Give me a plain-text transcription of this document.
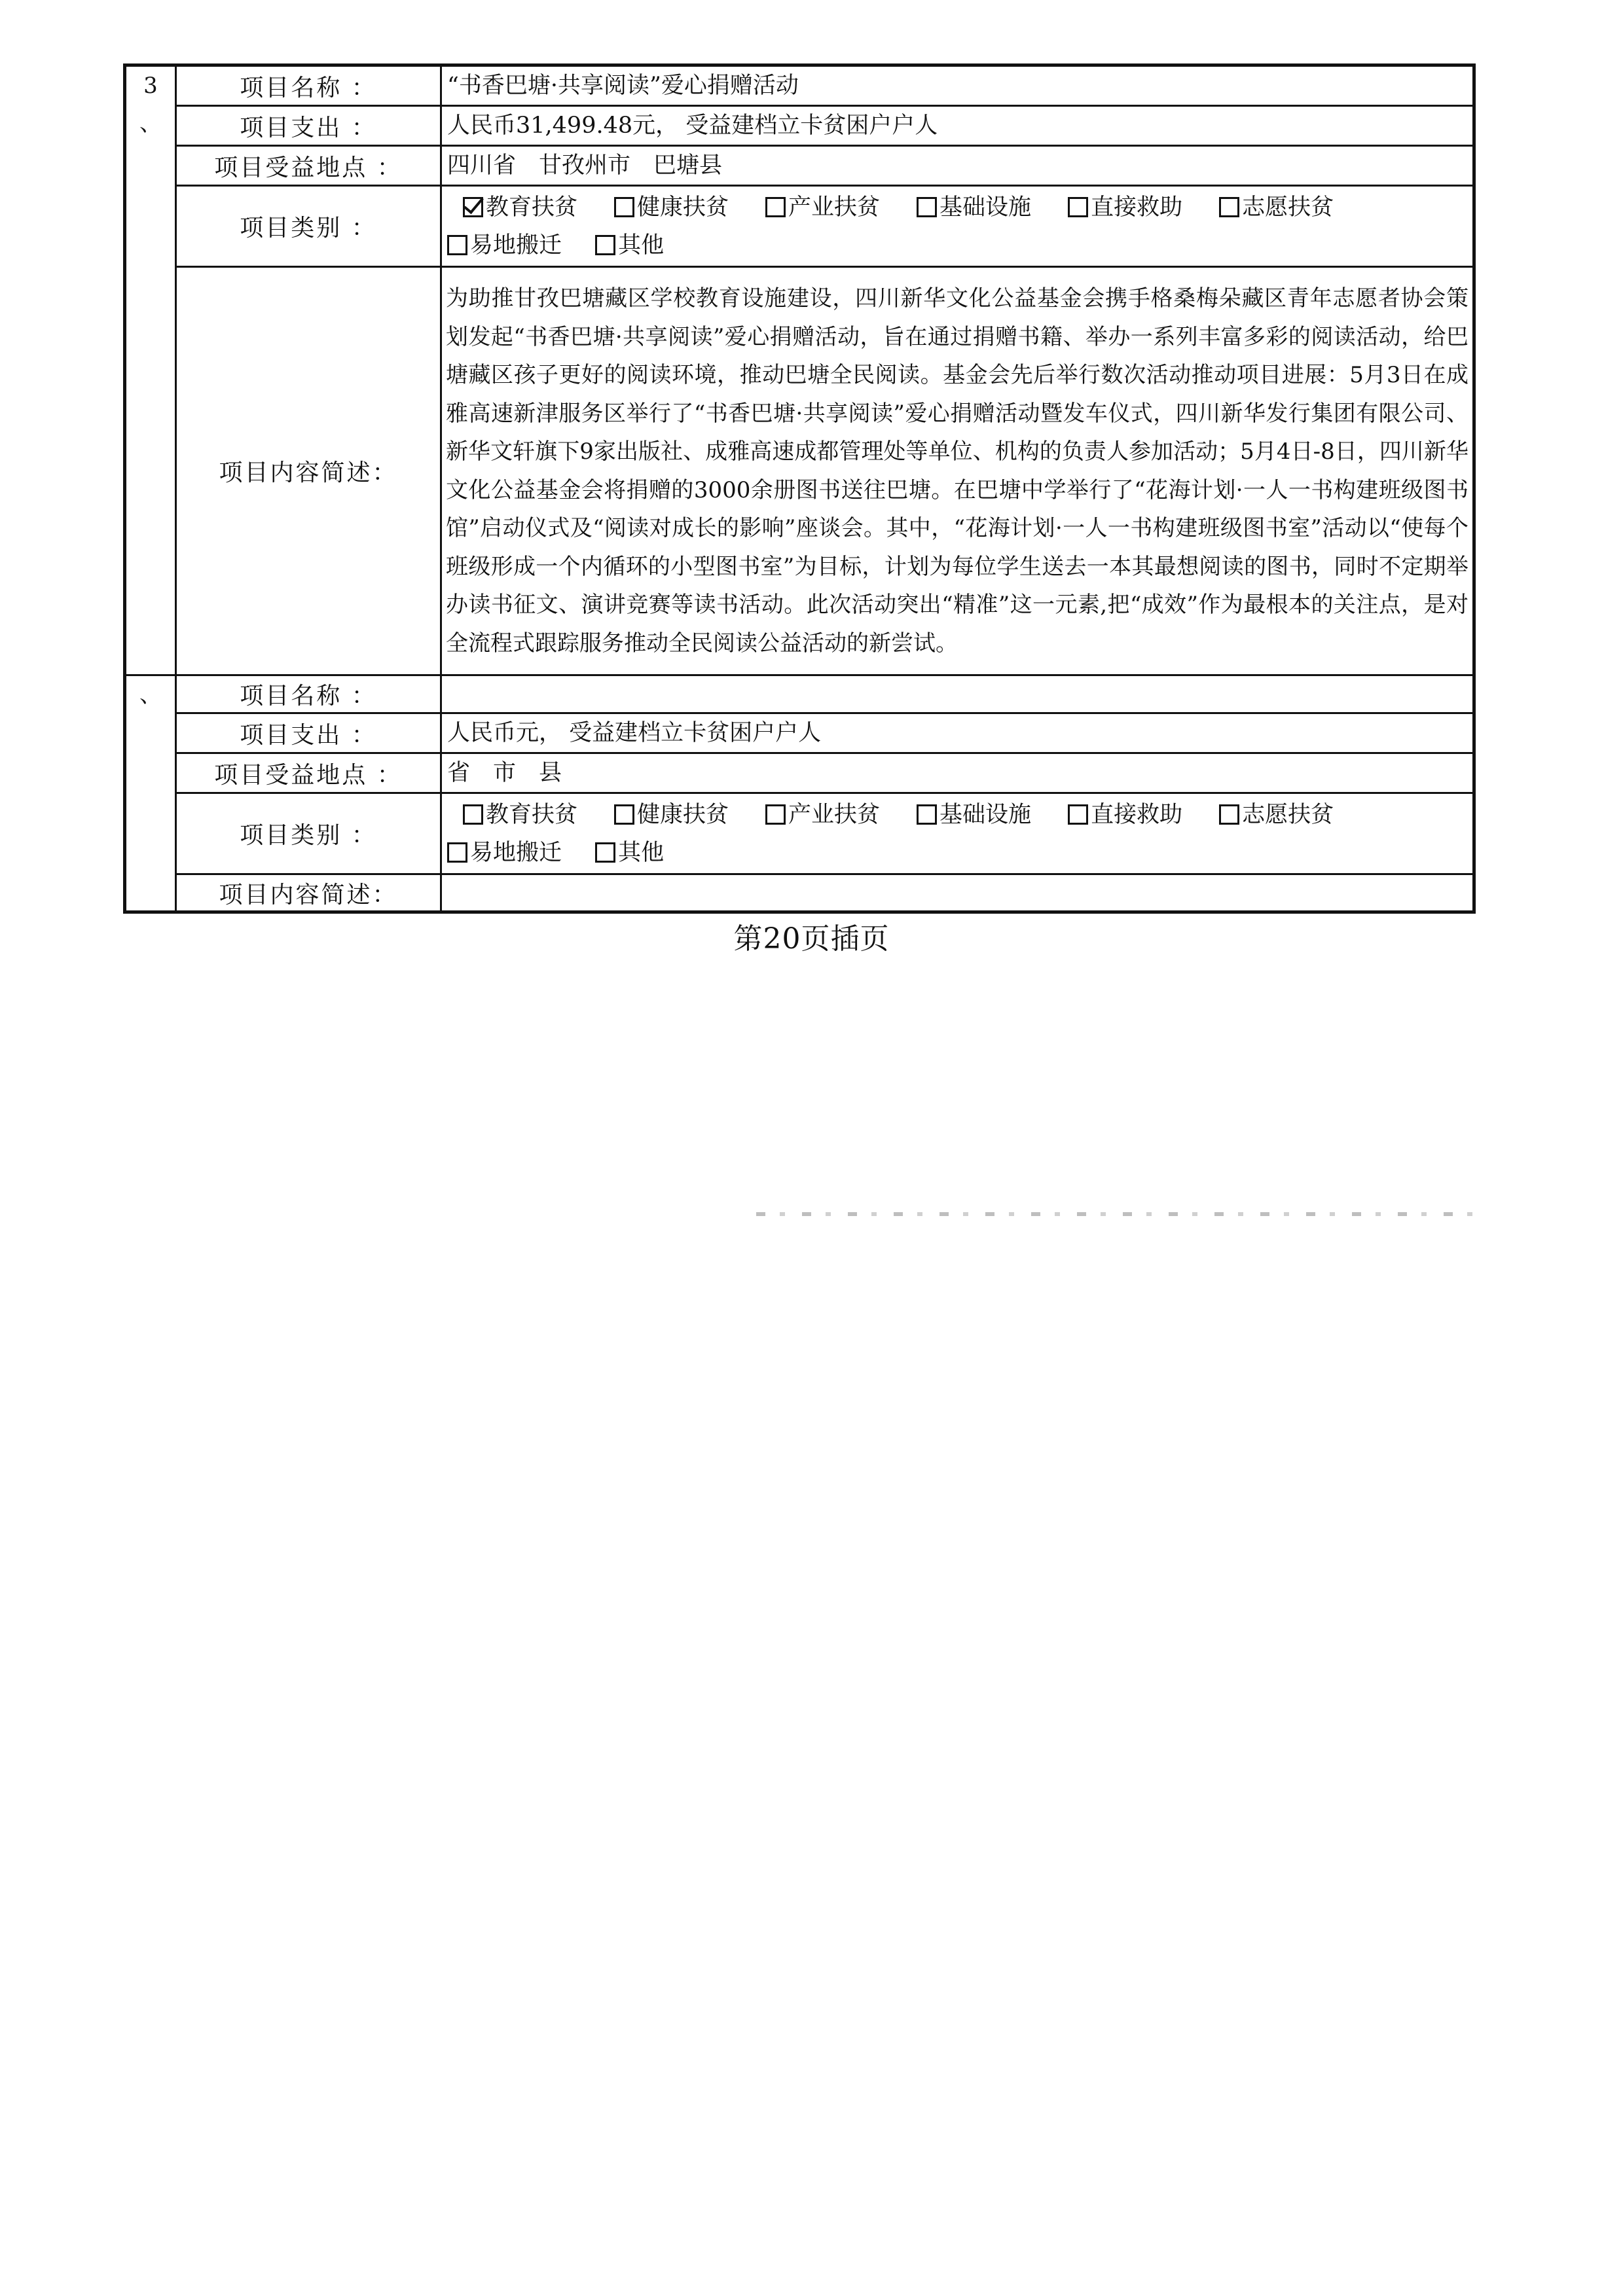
3
、	项目名称 ：	“书香巴塘·共享阅读”爱心捐赠活动
	项目支出 ：	人民币31,499.48元， 受益建档立卡贫困户户人
	项目受益地点 ：	四川省　甘孜州市　巴塘县
	项目类别 ：	教育扶贫 健康扶贫 产业扶贫 基础设施 直接救助 志愿扶贫易地搬迁 其他
	项目内容简述：	为助推甘孜巴塘藏区学校教育设施建设，四川新华文化公益基金会携手格桑梅朵藏区青年志愿者协会策划发起“书香巴塘·共享阅读”爱心捐赠活动，旨在通过捐赠书籍、举办一系列丰富多彩的阅读活动，给巴塘藏区孩子更好的阅读环境，推动巴塘全民阅读。基金会先后举行数次活动推动项目进展：5月3日在成雅高速新津服务区举行了“书香巴塘·共享阅读”爱心捐赠活动暨发车仪式，四川新华发行集团有限公司、新华文轩旗下9家出版社、成雅高速成都管理处等单位、机构的负责人参加活动；5月4日-8日，四川新华文化公益基金会将捐赠的3000余册图书送往巴塘。在巴塘中学举行了“花海计划·一人一书构建班级图书馆”启动仪式及“阅读对成长的影响”座谈会。其中，“花海计划·一人一书构建班级图书室”活动以“使每个班级形成一个内循环的小型图书室”为目标，计划为每位学生送去一本其最想阅读的图书，同时不定期举办读书征文、演讲竞赛等读书活动。此次活动突出“精准”这一元素,把“成效”作为最根本的关注点，是对全流程式跟踪服务推动全民阅读公益活动的新尝试。
、	项目名称 ：	
	项目支出 ：	人民币元， 受益建档立卡贫困户户人
	项目受益地点 ：	省　市　县
	项目类别 ：	教育扶贫 健康扶贫 产业扶贫 基础设施 直接救助 志愿扶贫易地搬迁 其他
	项目内容简述：	
第20页插页
